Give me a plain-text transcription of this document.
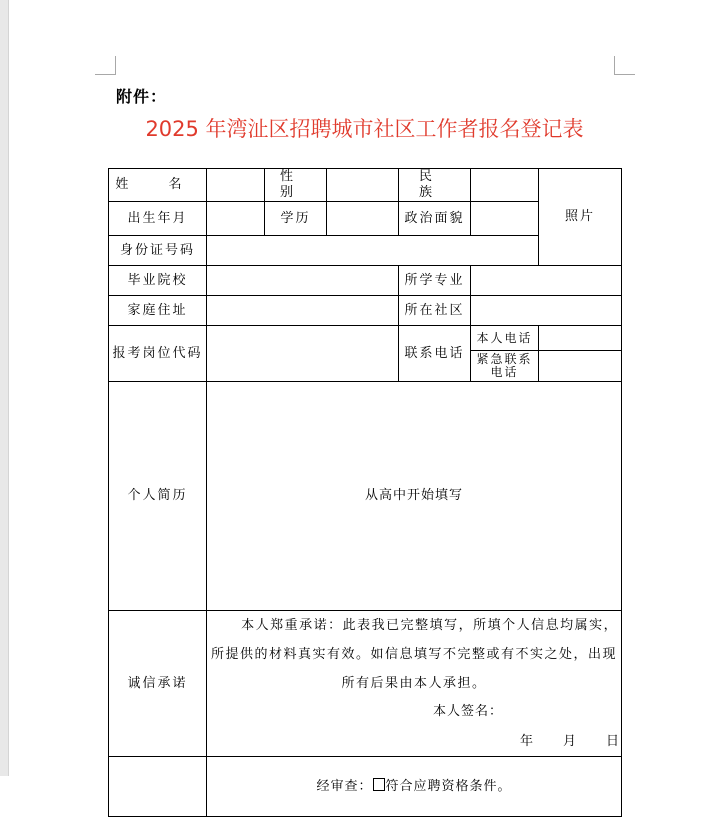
附件：
2025 年湾沚区招聘城市社区工作者报名登记表
姓 名		性 别		民 族		照片
出生年月		学历		政治面貌		
身份证号码						
毕业院校				所学专业		
家庭住址				所在社区		
报考岗位代码				联系电话	本人电话	
					紧急联系电话	
个人简历	从高中开始填写					
诚信承诺	本人郑重承诺：此表我已完整填写，所填个人信息均属实，所提供的材料真实有效。如信息填写不完整或有不实之处，出现所有后果由本人承担。

本人签名：
年 月 日					

	经审查： 符合应聘资格条件。					
